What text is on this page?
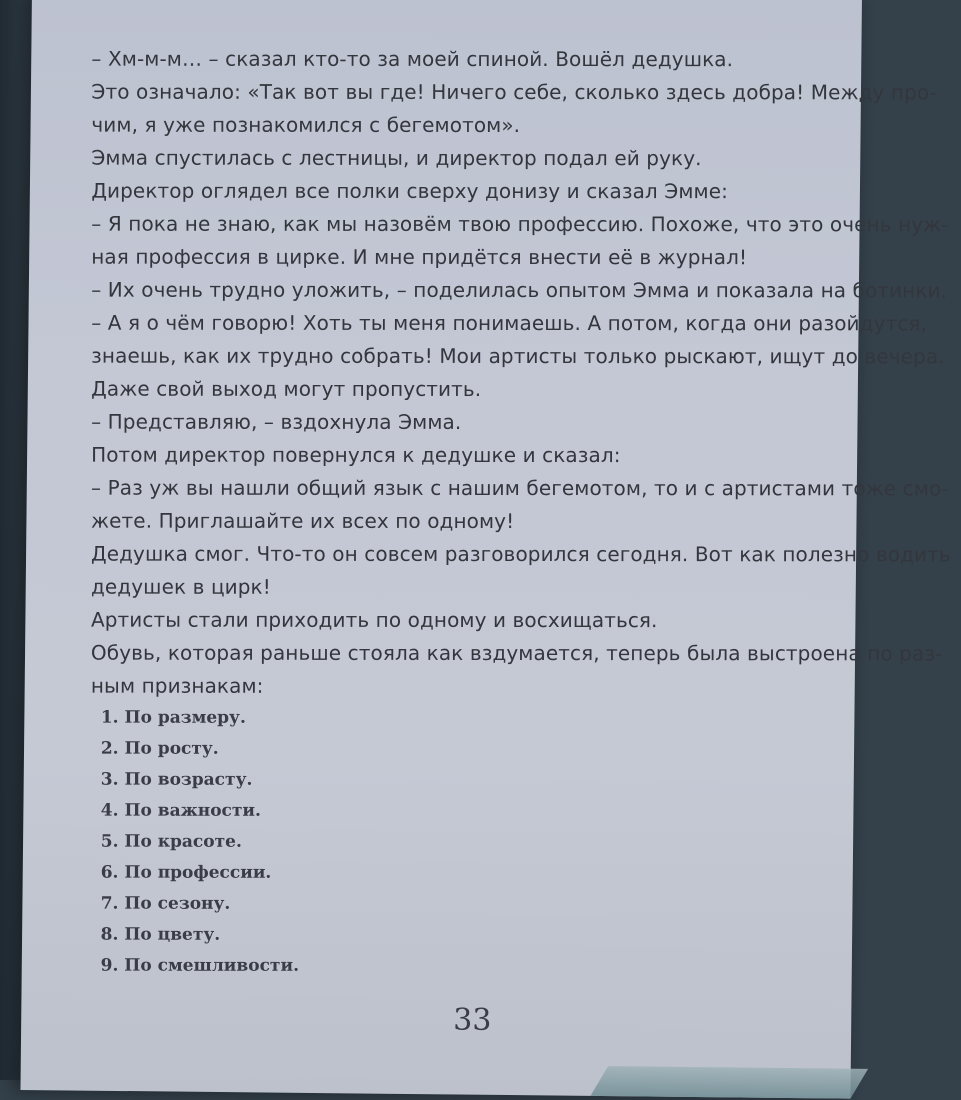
– Хм-м-м… – сказал кто-то за моей спиной. Вошёл дедушка.
Это означало: «Так вот вы где! Ничего себе, сколько здесь добра! Между про-
чим, я уже познакомился с бегемотом».
Эмма спустилась с лестницы, и директор подал ей руку.
Директор оглядел все полки сверху донизу и сказал Эмме:
– Я пока не знаю, как мы назовём твою профессию. Похоже, что это очень нуж-
ная профессия в цирке. И мне придётся внести её в журнал!
– Их очень трудно уложить, – поделилась опытом Эмма и показала на ботинки.
– А я о чём говорю! Хоть ты меня понимаешь. А потом, когда они разойдутся,
знаешь, как их трудно собрать! Мои артисты только рыскают, ищут до вечера.
Даже свой выход могут пропустить.
– Представляю, – вздохнула Эмма.
Потом директор повернулся к дедушке и сказал:
– Раз уж вы нашли общий язык с нашим бегемотом, то и с артистами тоже смо-
жете. Приглашайте их всех по одному!
Дедушка смог. Что-то он совсем разговорился сегодня. Вот как полезно водить
дедушек в цирк!
Артисты стали приходить по одному и восхищаться.
Обувь, которая раньше стояла как вздумается, теперь была выстроена по раз-
ным признакам:
1. По размеру.
2. По росту.
3. По возрасту.
4. По важности.
5. По красоте.
6. По профессии.
7. По сезону.
8. По цвету.
9. По смешливости.
33
